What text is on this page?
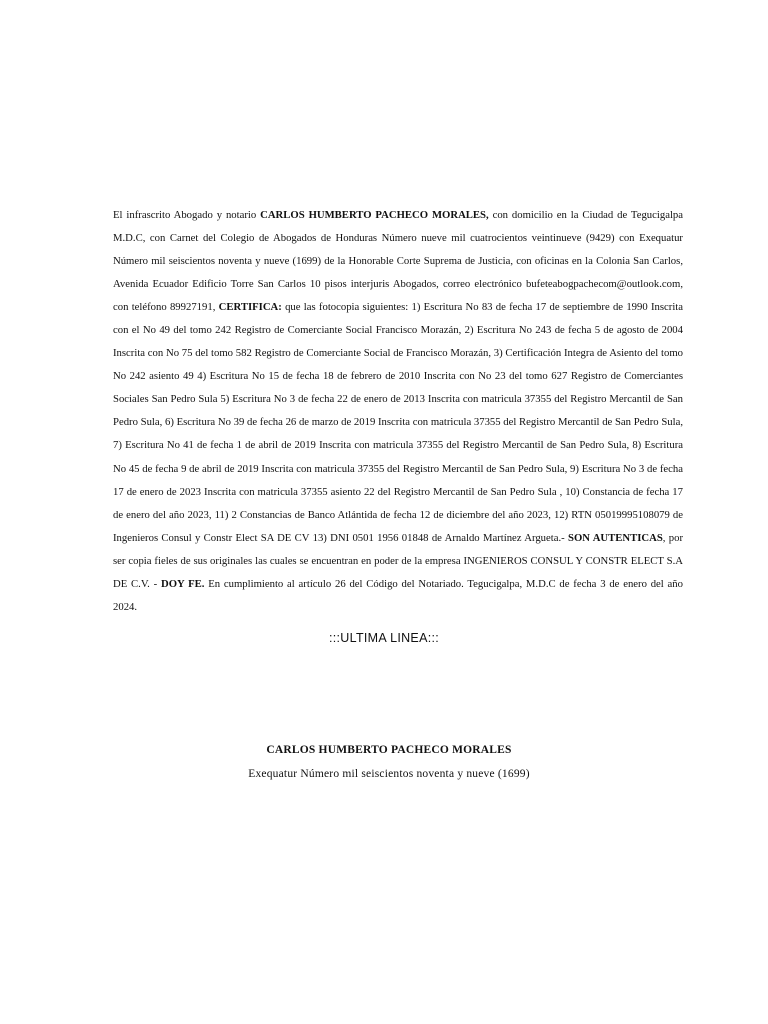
El infrascrito Abogado y notario CARLOS HUMBERTO PACHECO MORALES, con domicilio en la Ciudad de Tegucigalpa M.D.C, con Carnet del Colegio de Abogados de Honduras Número nueve mil cuatrocientos veintinueve (9429) con Exequatur Número mil seiscientos noventa y nueve (1699) de la Honorable Corte Suprema de Justicia, con oficinas en la Colonia San Carlos, Avenida Ecuador Edificio Torre San Carlos 10 pisos interjuris Abogados, correo electrónico bufeteabogpachecom@outlook.com, con teléfono 89927191, CERTIFICA: que las fotocopia siguientes: 1) Escritura No 83 de fecha 17 de septiembre de 1990 Inscrita con el No 49 del tomo 242 Registro de Comerciante Social Francisco Morazán, 2) Escritura No 243 de fecha 5 de agosto de 2004 Inscrita con No 75 del tomo 582 Registro de Comerciante Social de Francisco Morazán, 3) Certificación Integra de Asiento del tomo No 242 asiento 49 4) Escritura No 15 de fecha 18 de febrero de 2010 Inscrita con No 23 del tomo 627 Registro de Comerciantes Sociales San Pedro Sula 5) Escritura No 3 de fecha 22 de enero de 2013 Inscrita con matricula 37355 del Registro Mercantil de San Pedro Sula, 6) Escritura No 39 de fecha 26 de marzo de 2019 Inscrita con matricula 37355 del Registro Mercantil de San Pedro Sula, 7) Escritura No 41 de fecha 1 de abril de 2019 Inscrita con matricula 37355 del Registro Mercantil de San Pedro Sula, 8) Escritura No 45 de fecha 9 de abril de 2019 Inscrita con matricula 37355 del Registro Mercantil de San Pedro Sula, 9) Escritura No 3 de fecha 17 de enero de 2023 Inscrita con matricula 37355 asiento 22 del Registro Mercantil de San Pedro Sula , 10) Constancia de fecha 17 de enero del año 2023, 11) 2 Constancias de Banco Atlántida de fecha 12 de diciembre del año 2023, 12) RTN 05019995108079 de Ingenieros Consul y Constr Elect SA DE CV 13) DNI 0501 1956 01848 de Arnaldo Martínez Argueta.- SON AUTENTICAS, por ser copia fieles de sus originales las cuales se encuentran en poder de la empresa INGENIEROS CONSUL Y CONSTR ELECT S.A DE C.V. - DOY FE. En cumplimiento al artículo 26 del Código del Notariado. Tegucigalpa, M.D.C de fecha 3 de enero del año 2024.

:::ULTIMA LINEA:::
CARLOS HUMBERTO PACHECO MORALES
Exequatur Número mil seiscientos noventa y nueve (1699)
